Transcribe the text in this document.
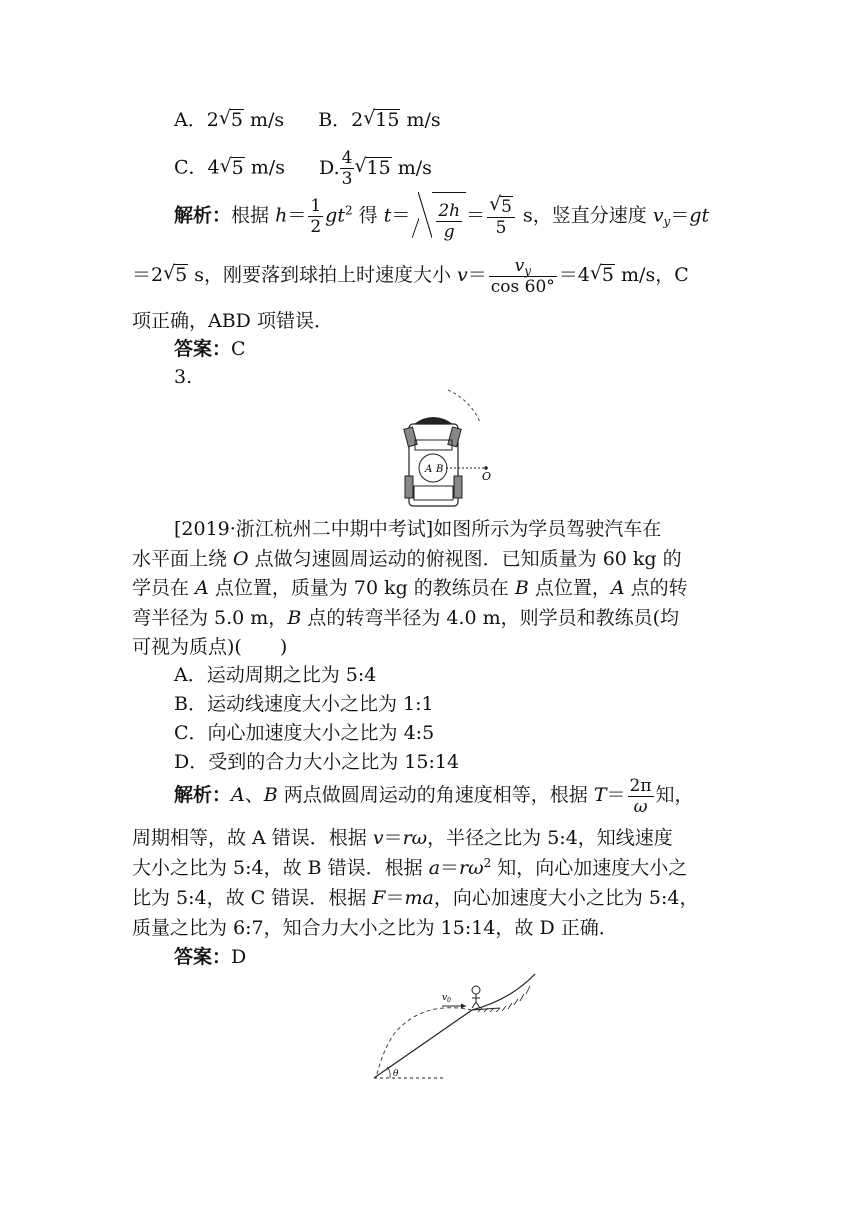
A．2√ 5 m/s B．2√ 15 m/s
C．4√ 5 m/s D. $\frac{4}{3}$
√ 15 m/s
解析：根据 $h= \frac{1}{2} gt^2$ 得 $t= \frac{2h}{g}$ ＝
√ $\frac{5}{5}$ s，竖直分速度 $v_y=gt$
＝2√ 5 s，刚要落到球拍上时速度大小 $v= \frac{v_y}{\cos 60^\circ} =4√$ 5 m/s，C
项正确，ABD 项错误．
答案：C
3.
A B
O
[2019·浙江杭州二中期中考试]如图所示为学员驾驶汽车在
水平面上绕 O 点做匀速圆周运动的俯视图．已知质量为 60 kg 的
学员在 A 点位置，质量为 70 kg 的教练员在 B 点位置，A 点的转
弯半径为 5.0 m，B 点的转弯半径为 4.0 m，则学员和教练员(均
可视为质点)(　　)
A．运动周期之比为 5:4
B．运动线速度大小之比为 1:1
C．向心加速度大小之比为 4:5
D．受到的合力大小之比为 15:14
解析：A、B 两点做圆周运动的角速度相等，根据 $T= \frac{2\pi}{\omega}$ 知，
周期相等，故 A 错误．根据 v＝rω，半径之比为 5:4，知线速度
大小之比为 5:4，故 B 错误．根据 $a=r\omega^2$ 知，向心加速度大小之
比为 5:4，故 C 错误．根据 F＝ma，向心加速度大小之比为 5:4，
质量之比为 6:7，知合力大小之比为 15:14，故 D 正确．
答案：D
$v_0$
θ
